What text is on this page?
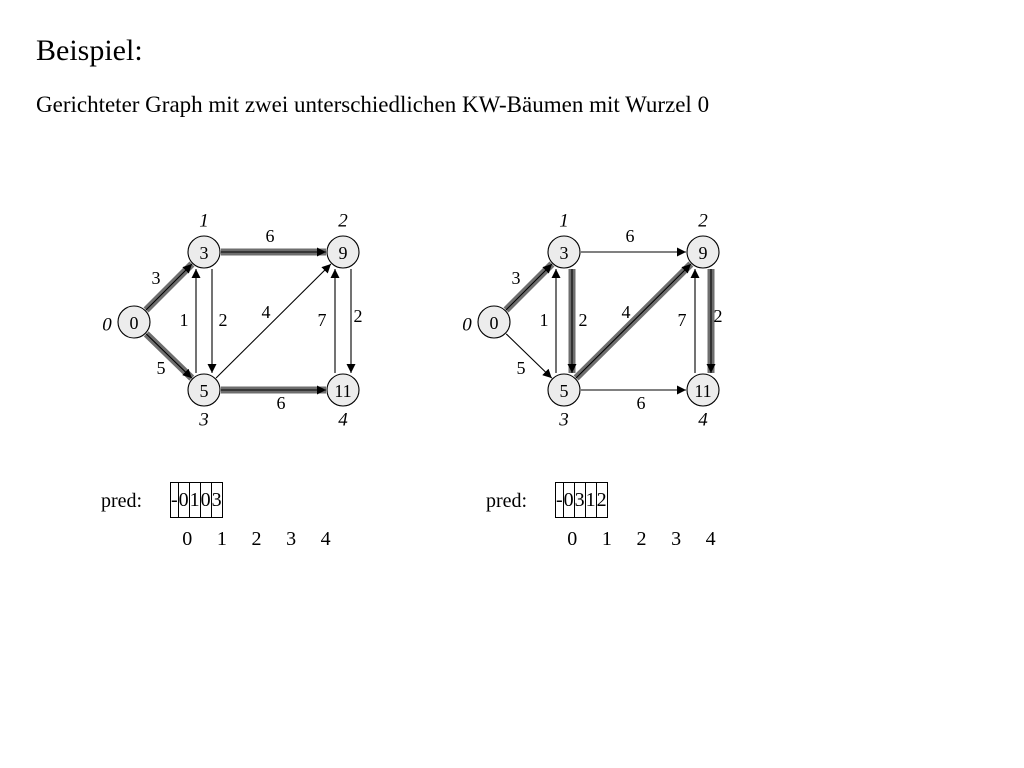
Beispiel:
Gerichteter Graph mit zwei unterschiedlichen KW-Bäumen mit Wurzel 0
3
5
6
1 2 4	7 2
6
0
0
3
1
9
2
5
3
11
4
3
5
6
1 2 4	7 2
6
0
0
3
1
9
2
5
3
11
4
pred: -	0	1	0	3
0	1	2	3	4
pred: -	0	3	1	2
0	1	2	3	4
